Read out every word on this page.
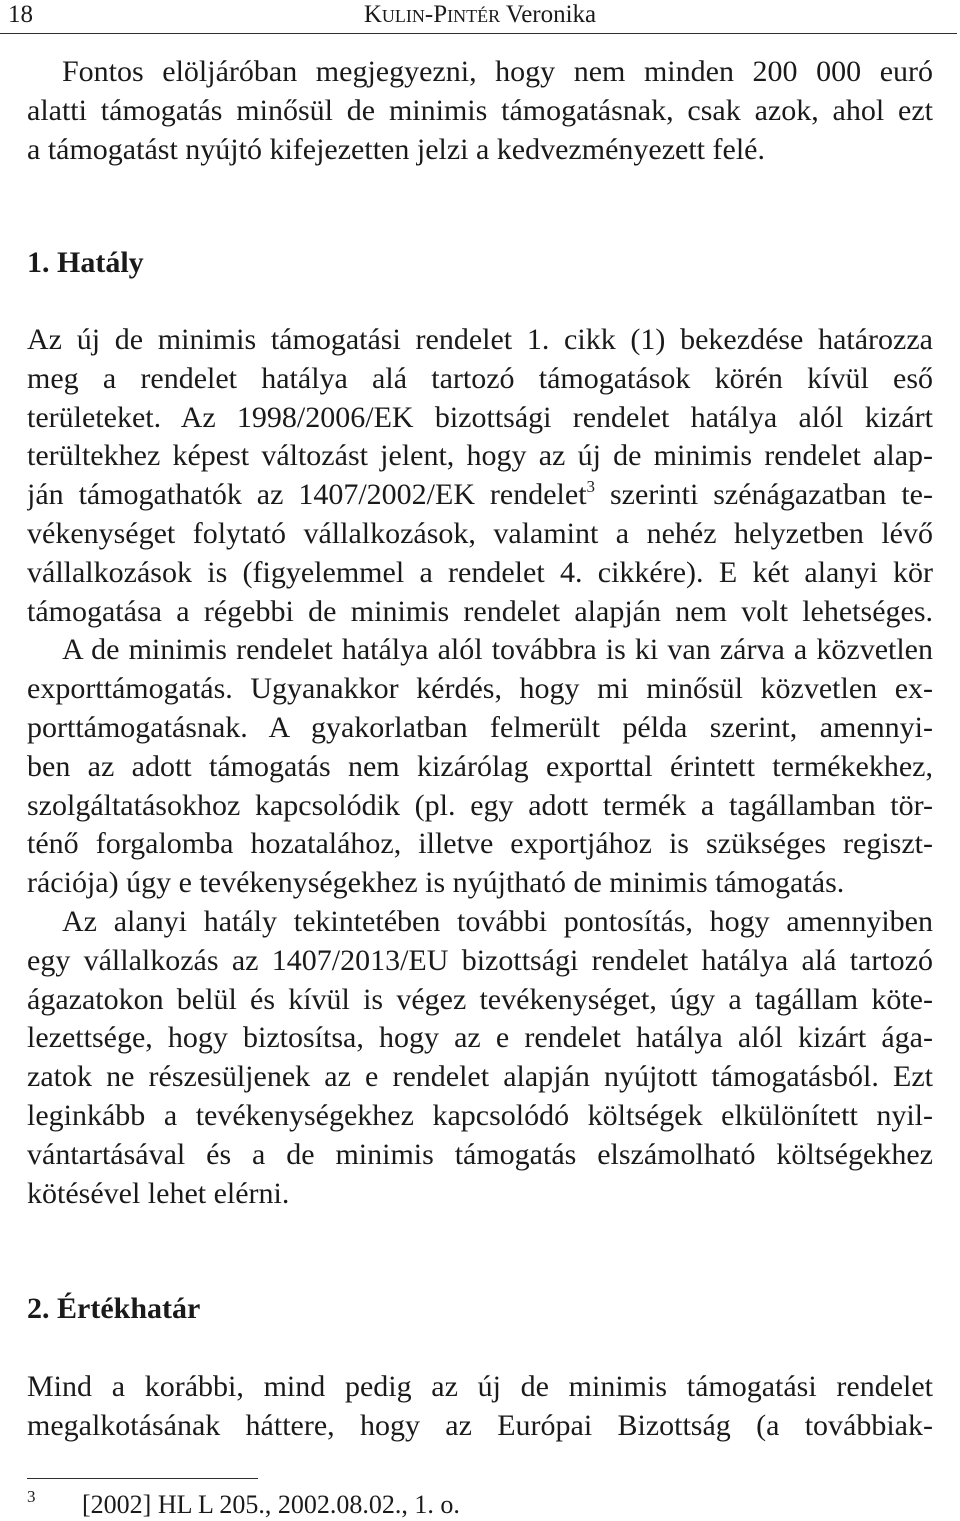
18	Kulin-Pintér Veronika
Fontos elöljáróban megjegyezni, hogy nem minden 200 000 euró
alatti támogatás minősül de minimis támogatásnak, csak azok, ahol ezt
a támogatást nyújtó kifejezetten jelzi a kedvezményezett felé.
1. Hatály
Az új de minimis támogatási rendelet 1. cikk (1) bekezdése határozza
meg a rendelet hatálya alá tartozó támogatások körén kívül eső
területeket. Az 1998/2006/EK bizottsági rendelet hatálya alól kizárt
terültekhez képest változást jelent, hogy az új de minimis rendelet alap-
ján támogathatók az 1407/2002/EK rendelet$^3$ szerinti szénágazatban te-
vékenységet folytató vállalkozások, valamint a nehéz helyzetben lévő
vállalkozások is (figyelemmel a rendelet 4. cikkére). E két alanyi kör
támogatása a régebbi de minimis rendelet alapján nem volt lehetséges.
A de minimis rendelet hatálya alól továbbra is ki van zárva a közvetlen
exporttámogatás. Ugyanakkor kérdés, hogy mi minősül közvetlen ex-
porttámogatásnak. A gyakorlatban felmerült példa szerint, amennyi-
ben az adott támogatás nem kizárólag exporttal érintett termékekhez,
szolgáltatásokhoz kapcsolódik (pl. egy adott termék a tagállamban tör-
ténő forgalomba hozatalához, illetve exportjához is szükséges regiszt-
rációja) úgy e tevékenységekhez is nyújtható de minimis támogatás.
Az alanyi hatály tekintetében további pontosítás, hogy amennyiben
egy vállalkozás az 1407/2013/EU bizottsági rendelet hatálya alá tartozó
ágazatokon belül és kívül is végez tevékenységet, úgy a tagállam köte-
lezettsége, hogy biztosítsa, hogy az e rendelet hatálya alól kizárt ága-
zatok ne részesüljenek az e rendelet alapján nyújtott támogatásból. Ezt
leginkább a tevékenységekhez kapcsolódó költségek elkülönített nyil-
vántartásával és a de minimis támogatás elszámolható költségekhez
kötésével lehet elérni.
2. Értékhatár
Mind a korábbi, mind pedig az új de minimis támogatási rendelet
megalkotásának háttere, hogy az Európai Bizottság (a továbbiak-
3 [2002] HL L 205., 2002.08.02., 1. o.
